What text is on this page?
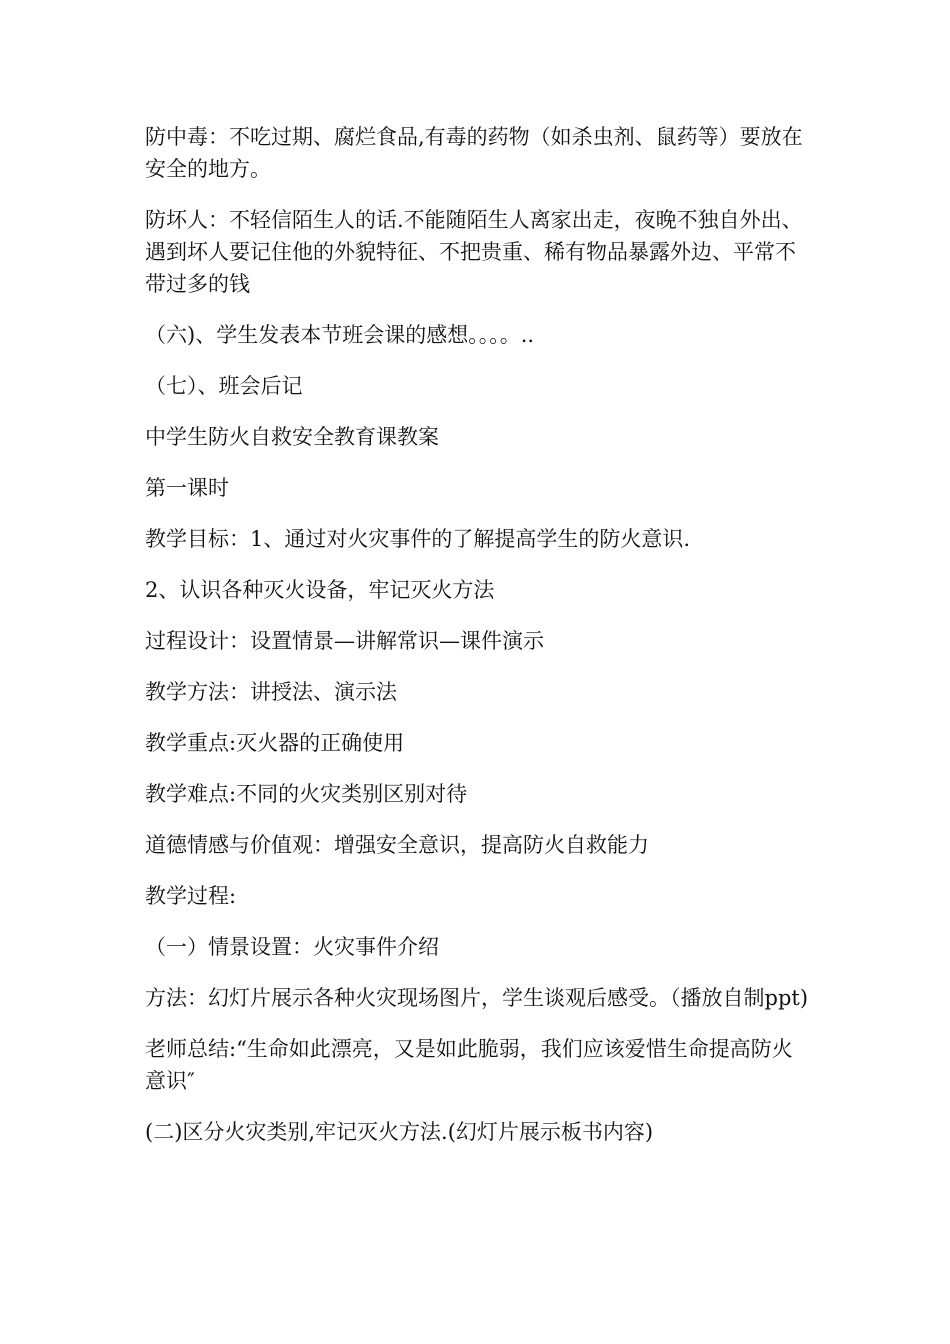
防中毒：不吃过期、腐烂食品,有毒的药物（如杀虫剂、鼠药等）要放在安全的地方。

防坏人：不轻信陌生人的话.不能随陌生人离家出走，夜晚不独自外出、遇到坏人要记住他的外貌特征、不把贵重、稀有物品暴露外边、平常不带过多的钱

（六)、学生发表本节班会课的感想。。。。..

（七）、班会后记

中学生防火自救安全教育课教案

第一课时

教学目标：1、通过对火灾事件的了解提高学生的防火意识.

2、认识各种灭火设备，牢记灭火方法

过程设计：设置情景—讲解常识—课件演示

教学方法：讲授法、演示法

教学重点:灭火器的正确使用

教学难点:不同的火灾类别区别对待

道德情感与价值观：增强安全意识，提高防火自救能力

教学过程:

（一）情景设置：火灾事件介绍

方法：幻灯片展示各种火灾现场图片，学生谈观后感受。（播放自制ppt)

老师总结:“生命如此漂亮，又是如此脆弱，我们应该爱惜生命提高防火意识″

(二)区分火灾类别,牢记灭火方法.(幻灯片展示板书内容)
